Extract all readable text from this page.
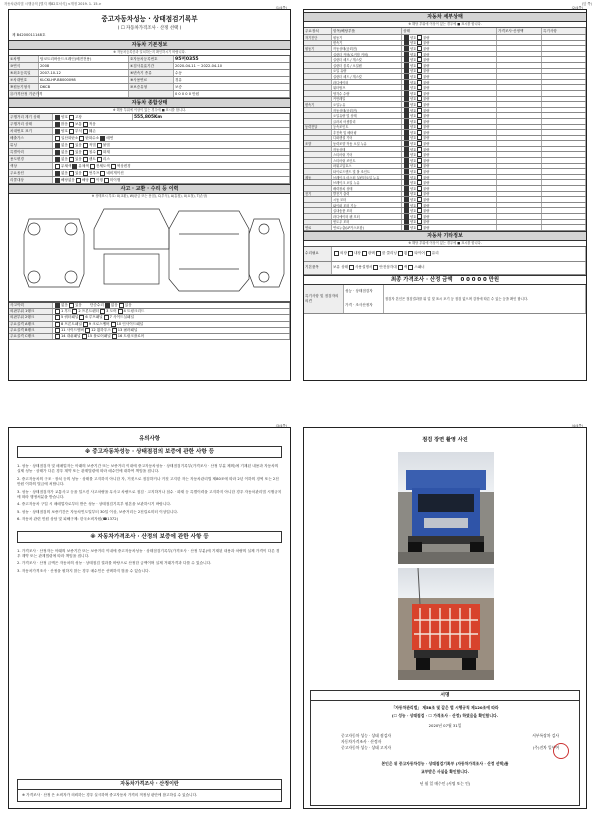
자동차관리법 시행규칙 [별지 제82호서식] <개정 2019. 1. 15.>	(앞 쪽)
(1/4쪽)
중고자동차성능 · 상태점검기록부
( ☐ 자동차가격조사 · 산정 선택 )
제 B4200011148호
자동차 기본정보
※ 자동차등록증과 일치하는지 확인하시기 바랍니다.
①차명	탑코트리바운드크레인(배전전용)	②자동차등록번호	95머0355
③연식	2008	④검사유효기간	2020-04-11 ~ 2022-04-10
⑤최초등록일	2007-10-12	⑥변속기 종류	수동
⑦차대번호	KLCKLHP-B8000098	⑧사용연료	경유
⑨원동기형식	D6CB	⑩보증유형	보증
⑪가격산정 기준가격	0 0 0 0 0 만원
자동차 종합상태
※ 해당 부위에 이상이 있는 경우에 ■ 표시를 합니다.
주행거리 계기 상태	양호 고장	555,805Km
주행거리 상태	많음 보통 적음
차대번호 표기	양호 부식 훼손
배출가스	일산화탄소 탄화수소 매연
튜닝	없음 있음 적법 불법
특별이력	없음 있음 침수 화재
용도변경	없음 있음 렌트 리스
색상	무채색 유채색 전체도색 색상변경
주요옵션	없음 있음 썬루프 네비게이션
리콜대상	해당없음 해당 이행 미이행
사고 · 교환 · 수리 등 이력
※ 상태표시 부호: X(교환), W(판금 또는 용접), C(부식), A(흠집), U(요철), T(손상)
사고이력	없음 있음 단순수리 없음 있음
외판부위 1랭크	1 후드 2 프론트펜더 3 도어 4 트렁크리드
외판부위 2랭크	5 쿼터패널 6 루프패널 7 사이드실패널
주요골격 A랭크	8 프론트패널 9 크로스멤버 10 인사이드패널
주요골격 B랭크	11 사이드멤버 12 휠하우스 13 필러패널
주요골격 C랭크	14 대쉬패널 15 플로어패널 16 트렁크플로어
(2/4쪽)
자동차 세부상태
※ 해당 부위에 이상이 있는 경우에 ■ 표시를 합니다.
주요장치	항목/해당부품	상태	가격조사·산정액	특기사항
자기진단	원동기	양호 불량
변속기	양호 불량
원동기	작동상태(공회전)	양호 불량
실린더 커버(로커암 커버)	양호 불량
실린더 헤드 / 개스킷	양호 불량
실린더 블록 / 오일팬	양호 불량
오일 유량	양호 불량
실린더 헤드 / 개스킷	양호 불량
라디에이터	양호 불량
워터펌프	양호 불량
냉각수 수량	양호 불량
커먼레일	양호 불량
변속기	오일누유	양호 불량
작동상태(공회전)	양호 불량
오일유량 및 상태	양호 불량
클러치 어셈블리	양호 불량
동력전달	등속조인트	양호 불량
추진축 및 베어링	양호 불량
디퍼렌셜 기어	양호 불량
조향	동력조향 작동 오일 누유	양호 불량
작동상태	양호 불량
스티어링 기어	양호 불량
스티어링 조인트	양호 불량
파워고압호스	양호 불량
타이로드엔드 및 볼 조인트	양호 불량
제동	브레이크 마스터 실린더오일 누유	양호 불량
브레이크 오일 누유	양호 불량
배력장치 상태	양호 불량
전기	발전기 출력	양호 불량
시동 모터	양호 불량
와이퍼 모터 기능	양호 불량
실내송풍 모터	양호 불량
라디에이터 팬 모터	양호 불량
윈도우 모터	양호 불량
연료	연료누출(LP가스포함)	양호 불량
자동차 기타정보
※ 해당 부위에 이상이 있는 경우에 ■ 표시를 합니다.
수리필요	외장 내장 광택 룸 클리닝 휠 타이어 유리
기본품목	보유 상태 사용설명서 안전삼각대 잭 스패너
최종 가격조사 · 산정 금액 0 0 0 0 0 만원
특기사항 및 점검자의 의견
성능 · 상태점검자
가격 · 조사산정자
점검자 본인은 점검결과를 위 업 및 표시 포기 등 점검 없으며 감정에 따른 수 있는 등을 확인 합니다.
(3/4쪽)
유의사항
※ 중고자동차성능 · 상태점검의 보증에 관한 사항 등

1. 성능 · 상태점검자 및 매매업자는 아래의 보증기간 또는 보증거리 이내에 중고자동차성능 · 상태점검기록부(가격조사 · 산정 부분 제외)에 기재된 내용과 자동차의 실제 성능 · 상태가 다른 경우 계약 또는 관계법령에 따라 매수인에 대하여 책임을 집니다.

2. 중고자동차의 구조 · 장치 등의 성능 · 상태를 고지하지 아니한 자, 거짓으로 점검하거나 거짓 고지한 자는 자동차관리법 제80조에 따라 2년 이하의 징역 또는 2천만원 이하의 벌금에 처합니다.

3. 성능 · 상태점검자가 교통사고 등을 일으킨 사고차량을 무사고 차량으로 점검 · 고지하거나 침수 · 화재 등 특별이력을 고지하지 아니한 경우 자동차관리법 시행규칙에 따라 행정처분을 받습니다.

4. 중고자동차 구입 시 매매업자로부터 받은 성능 · 상태점검기록부 원본을 보관하시기 바랍니다.

5. 성능 · 상태점검의 보증기간은 자동차인도일부터 30일 이상, 보증거리는 2천킬로미터 이상입니다.

6. 자동차 관련 민원 상담 및 피해구제: 한국소비자원(☎1372)

※ 자동차가격조사 · 산정의 보증에 관한 사항 등

1. 가격조사 · 산정자는 아래의 보증기간 또는 보증거리 이내에 중고자동차성능 · 상태점검기록부(가격조사 · 산정 부분)에 기재된 내용과 차량의 실제 가격이 다른 경우 계약 또는 관계법령에 따라 책임을 집니다.

2. 가격조사 · 산정 금액은 자동차의 성능 · 상태점검 결과를 바탕으로 산정한 금액이며 실제 거래가격과 다를 수 있습니다.

3. 자동차가격조사 · 산정을 원하지 않는 경우 매수인은 선택하지 않을 수 있습니다.

자동차가격조사 · 산정이란
※ 가격조사 · 산정 은 소비자가 의뢰하는 경우 실시하며 중고자동차 가격의 적정성 판단에 참고하실 수 있습니다.
(4/4쪽)
점검 장면 촬영 사진
서명
「자동차관리법」 제58조 및 같은 법 시행규칙 제120조에 따라
(☐ 성능 · 상태점검 · ☐ 가격조사 · 산정) 하였음을 확인합니다.
2020년 07월 31일
중고자동차 성능 · 상태 점검자	서부특장차 검사
자동차가격조사 · 산정자
중고자동차 성능 · 상태 고지자	(주)진차 일부여
본인은 위 중고자동차성능 · 상태점검기록부 (자동차가격조사 · 산정 선택)를
교부받은 사실을 확인합니다.
년 월 일 매수인 (서명 또는 인)
